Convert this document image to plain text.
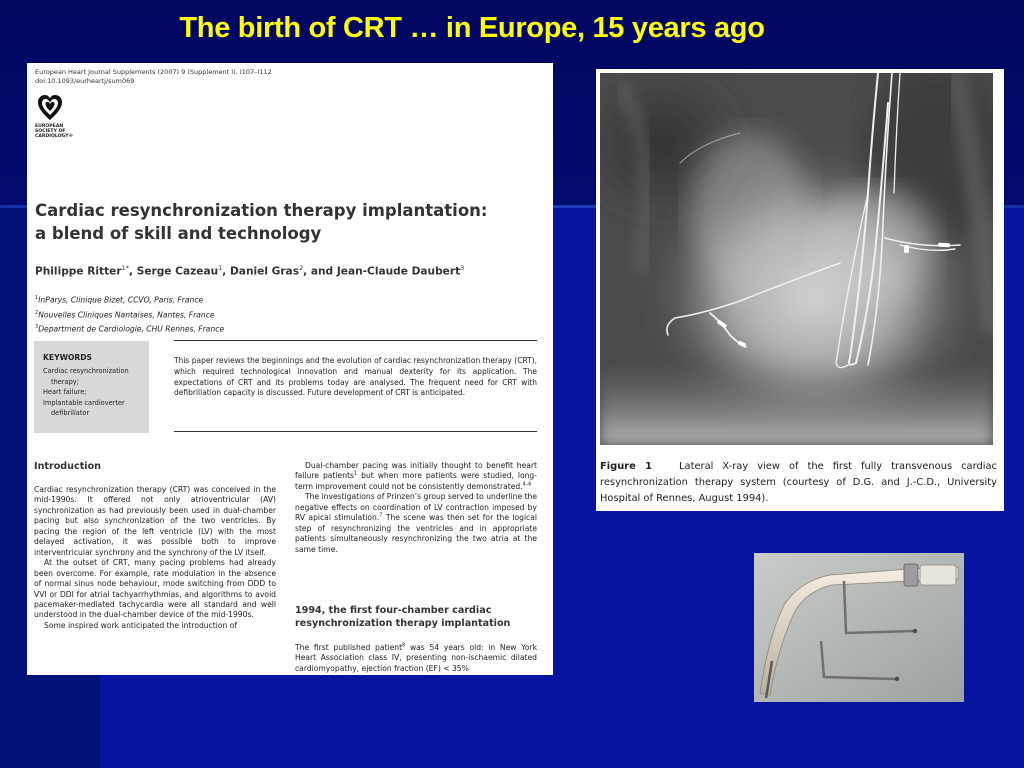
The birth of CRT … in Europe, 15 years ago
European Heart Journal Supplements (2007) 9 (Supplement I), I107–I112
doi:10.1093/eurheartj/sum069
EUROPEAN
SOCIETY OF
CARDIOLOGY®
Cardiac resynchronization therapy implantation:
a blend of skill and technology
Philippe Ritter$^{1*}$, Serge Cazeau$^1$, Daniel Gras$^2$, and Jean-Claude Daubert$^3$
$^1$InParys, Clinique Bizet, CCVO, Paris, France
$^2$Nouvelles Cliniques Nantaises, Nantes, France
$^3$Department de Cardiologie, CHU Rennes, France
KEYWORDS
Cardiac resynchronization
therapy;
Heart failure;
Implantable cardioverter
defibrillator

This paper reviews the beginnings and the evolution of cardiac resynchronization therapy (CRT), which required technological innovation and manual dexterity for its application. The expectations of CRT and its problems today are analysed. The frequent need for CRT with defibrillation capacity is discussed. Future development of CRT is anticipated.

Introduction

Cardiac resynchronization therapy (CRT) was conceived in the mid-1990s. It offered not only atrioventricular (AV) synchronization as had previously been used in dual-chamber pacing but also synchronization of the two ventricles. By pacing the region of the left ventricle (LV) with the most delayed activation, it was possible both to improve interventricular synchrony and the synchrony of the LV itself.

At the outset of CRT, many pacing problems had already been overcome. For example, rate modulation in the absence of normal sinus node behaviour, mode switching from DDD to VVI or DDI for atrial tachyarrhythmias, and algorithms to avoid pacemaker-mediated tachycardia were all standard and well understood in the dual-chamber device of the mid-1990s.

Some inspired work anticipated the introduction of

Dual-chamber pacing was initially thought to benefit heart failure patients$^1$ but when more patients were studied, long-term improvement could not be consistently demonstrated.$^{4-6}$

The investigations of Prinzen’s group served to underline the negative effects on coordination of LV contraction imposed by RV apical stimulation.$^7$ The scene was then set for the logical step of resynchronizing the ventricles and in appropriate patients simultaneously resynchronizing the two atria at the same time.

1994, the first four-chamber cardiac
resynchronization therapy implantation

The first published patient$^8$ was 54 years old: in New York Heart Association class IV, presenting non-ischaemic dilated cardiomyopathy, ejection fraction (EF) < 35%

Figure 1	Lateral X-ray view of the first fully transvenous cardiac resynchronization therapy system (courtesy of D.G. and J.-C.D., University Hospital of Rennes, August 1994).
